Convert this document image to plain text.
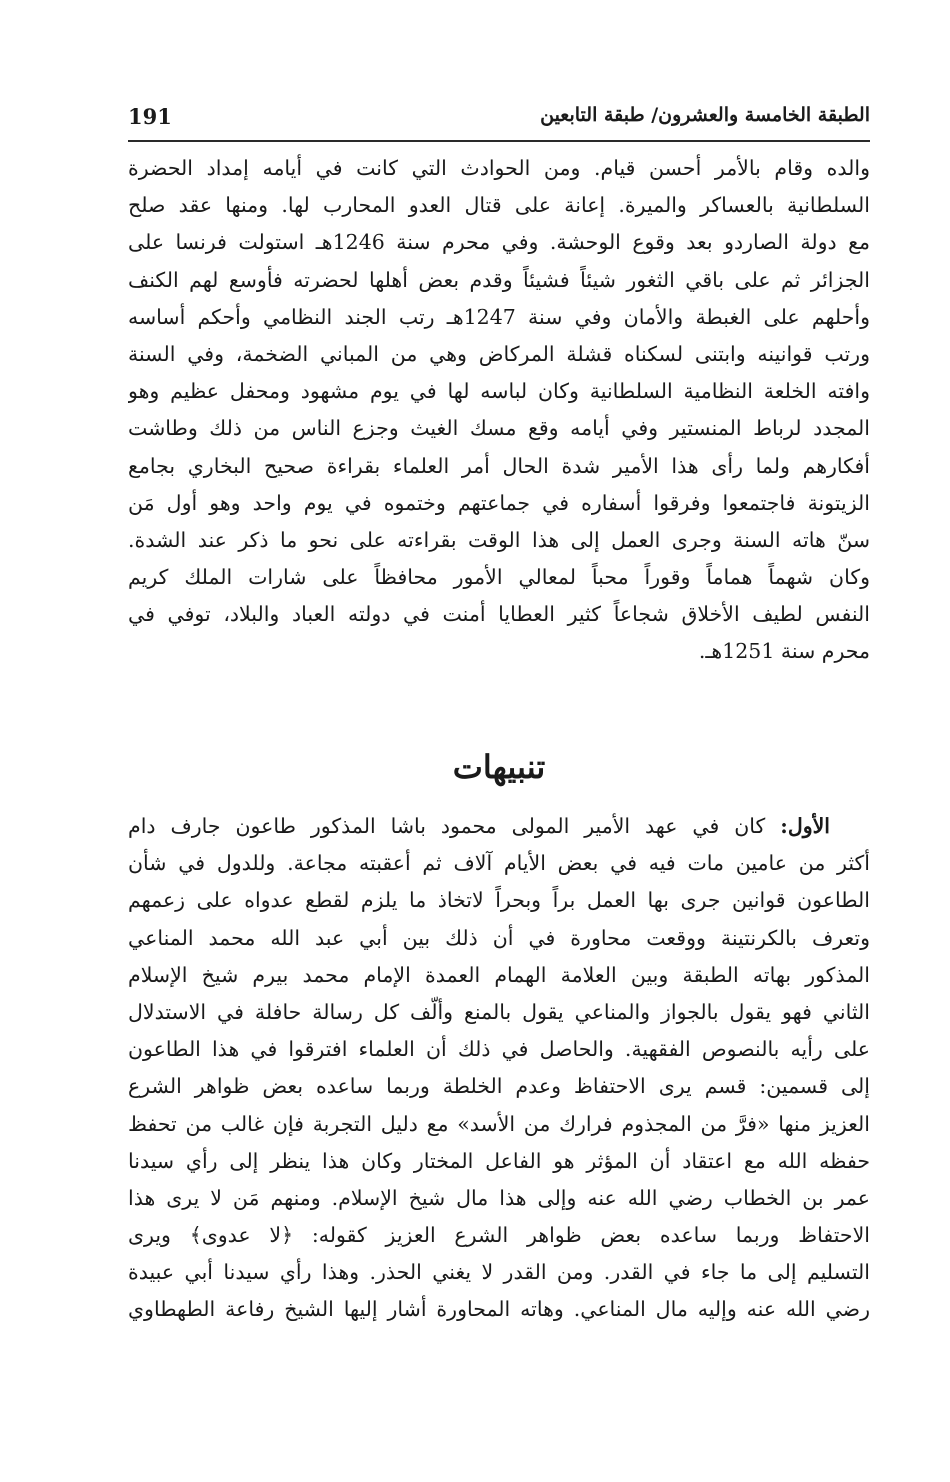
الطبقة الخامسة والعشرون/ طبقة التابعين
191
والده وقام بالأمر أحسن قيام. ومن الحوادث التي كانت في أيامه إمداد الحضرة
السلطانية بالعساكر والميرة. إعانة على قتال العدو المحارب لها. ومنها عقد صلح
مع دولة الصاردو بعد وقوع الوحشة. وفي محرم سنة 1246هـ استولت فرنسا على
الجزائر ثم على باقي الثغور شيئاً فشيئاً وقدم بعض أهلها لحضرته فأوسع لهم الكنف
وأحلهم على الغبطة والأمان وفي سنة 1247هـ رتب الجند النظامي وأحكم أساسه
ورتب قوانينه وابتنى لسكناه قشلة المركاض وهي من المباني الضخمة، وفي السنة
وافته الخلعة النظامية السلطانية وكان لباسه لها في يوم مشهود ومحفل عظيم وهو
المجدد لرباط المنستير وفي أيامه وقع مسك الغيث وجزع الناس من ذلك وطاشت
أفكارهم ولما رأى هذا الأمير شدة الحال أمر العلماء بقراءة صحيح البخاري بجامع
الزيتونة فاجتمعوا وفرقوا أسفاره في جماعتهم وختموه في يوم واحد وهو أول مَن
سنّ هاته السنة وجرى العمل إلى هذا الوقت بقراءته على نحو ما ذكر عند الشدة.
وكان شهماً هماماً وقوراً محباً لمعالي الأمور محافظاً على شارات الملك كريم
النفس لطيف الأخلاق شجاعاً كثير العطايا أمنت في دولته العباد والبلاد، توفي في
محرم سنة 1251هـ.
تنبيهات
الأول: كان في عهد الأمير المولى محمود باشا المذكور طاعون جارف دام
أكثر من عامين مات فيه في بعض الأيام آلاف ثم أعقبته مجاعة. وللدول في شأن
الطاعون قوانين جرى بها العمل براً وبحراً لاتخاذ ما يلزم لقطع عدواه على زعمهم
وتعرف بالكرنتينة ووقعت محاورة في أن ذلك بين أبي عبد الله محمد المناعي
المذكور بهاته الطبقة وبين العلامة الهمام العمدة الإمام محمد بيرم شيخ الإسلام
الثاني فهو يقول بالجواز والمناعي يقول بالمنع وألّف كل رسالة حافلة في الاستدلال
على رأيه بالنصوص الفقهية. والحاصل في ذلك أن العلماء افترقوا في هذا الطاعون
إلى قسمين: قسم يرى الاحتفاظ وعدم الخلطة وربما ساعده بعض ظواهر الشرع
العزيز منها «فرَّ من المجذوم فرارك من الأسد» مع دليل التجربة فإن غالب من تحفظ
حفظه الله مع اعتقاد أن المؤثر هو الفاعل المختار وكان هذا ينظر إلى رأي سيدنا
عمر بن الخطاب رضي الله عنه وإلى هذا مال شيخ الإسلام. ومنهم مَن لا يرى هذا
الاحتفاظ وربما ساعده بعض ظواهر الشرع العزيز كقوله: ﴿لا عدوى﴾ ويرى
التسليم إلى ما جاء في القدر. ومن القدر لا يغني الحذر. وهذا رأي سيدنا أبي عبيدة
رضي الله عنه وإليه مال المناعي. وهاته المحاورة أشار إليها الشيخ رفاعة الطهطاوي
